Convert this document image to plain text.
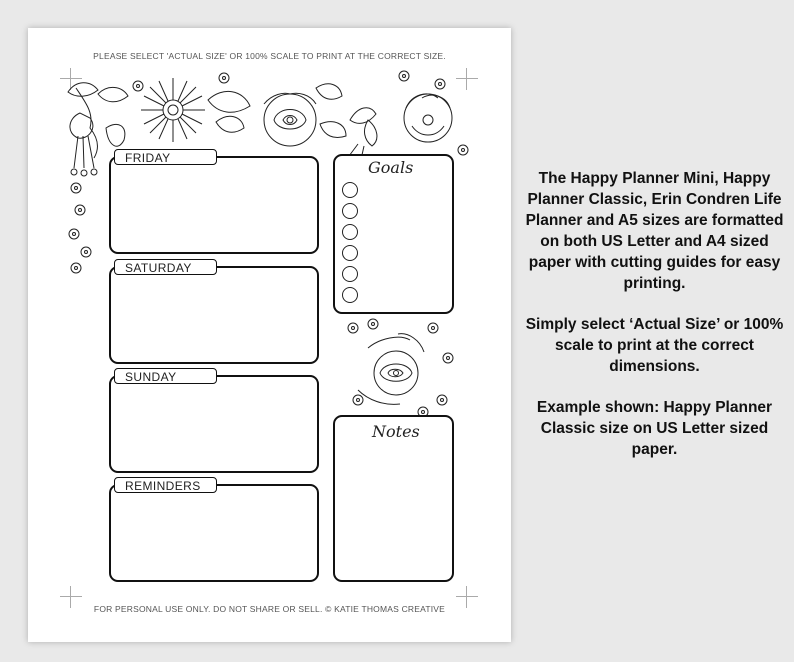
PLEASE SELECT 'ACTUAL SIZE' OR 100% SCALE TO PRINT AT THE CORRECT SIZE.
FRIDAY
SATURDAY
SUNDAY
REMINDERS
Goals
Notes
FOR PERSONAL USE ONLY. DO NOT SHARE OR SELL. © KATIE THOMAS CREATIVE

The Happy Planner Mini, Happy Planner Classic, Erin Condren Life Planner and A5 sizes are formatted on both US Letter and A4 sized paper with cutting guides for easy printing.

Simply select ‘Actual Size’ or 100% scale to print at the correct dimensions.

Example shown: Happy Planner Classic size on US Letter sized paper.
